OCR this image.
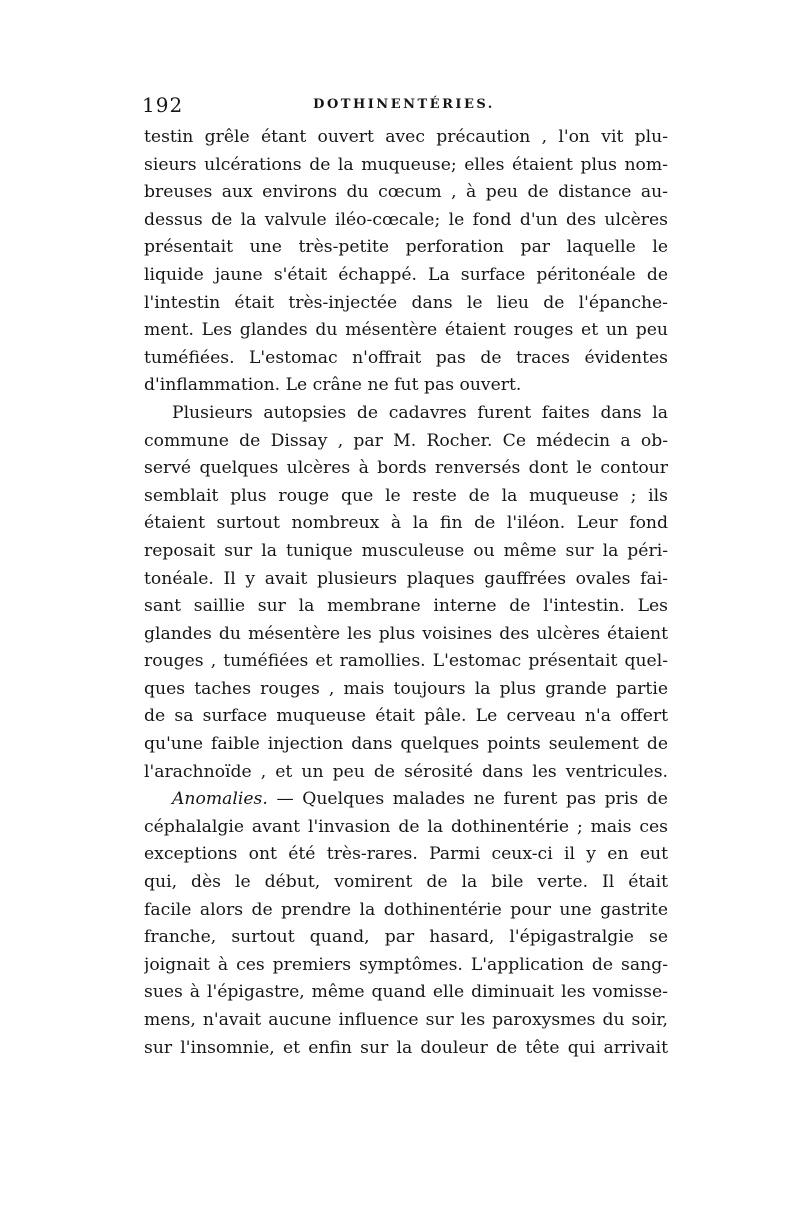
192	DOTHINENTÉRIES.
testin grêle étant ouvert avec précaution , l'on vit plu-
sieurs ulcérations de la muqueuse; elles étaient plus nom-
breuses aux environs du cœcum , à peu de distance au-
dessus de la valvule iléo-cœcale; le fond d'un des ulcères
présentait une très-petite perforation par laquelle le
liquide jaune s'était échappé. La surface péritonéale de
l'intestin était très-injectée dans le lieu de l'épanche-
ment. Les glandes du mésentère étaient rouges et un peu
tuméfiées. L'estomac n'offrait pas de traces évidentes
d'inflammation. Le crâne ne fut pas ouvert.
Plusieurs autopsies de cadavres furent faites dans la
commune de Dissay , par M. Rocher. Ce médecin a ob-
servé quelques ulcères à bords renversés dont le contour
semblait plus rouge que le reste de la muqueuse ; ils
étaient surtout nombreux à la fin de l'iléon. Leur fond
reposait sur la tunique musculeuse ou même sur la péri-
tonéale. Il y avait plusieurs plaques gauffrées ovales fai-
sant saillie sur la membrane interne de l'intestin. Les
glandes du mésentère les plus voisines des ulcères étaient
rouges , tuméfiées et ramollies. L'estomac présentait quel-
ques taches rouges , mais toujours la plus grande partie
de sa surface muqueuse était pâle. Le cerveau n'a offert
qu'une faible injection dans quelques points seulement de
l'arachnoïde , et un peu de sérosité dans les ventricules.
Anomalies. — Quelques malades ne furent pas pris de
céphalalgie avant l'invasion de la dothinentérie ; mais ces
exceptions ont été très-rares. Parmi ceux-ci il y en eut
qui, dès le début, vomirent de la bile verte. Il était
facile alors de prendre la dothinentérie pour une gastrite
franche, surtout quand, par hasard, l'épigastralgie se
joignait à ces premiers symptômes. L'application de sang-
sues à l'épigastre, même quand elle diminuait les vomisse-
mens, n'avait aucune influence sur les paroxysmes du soir,
sur l'insomnie, et enfin sur la douleur de tête qui arrivait
